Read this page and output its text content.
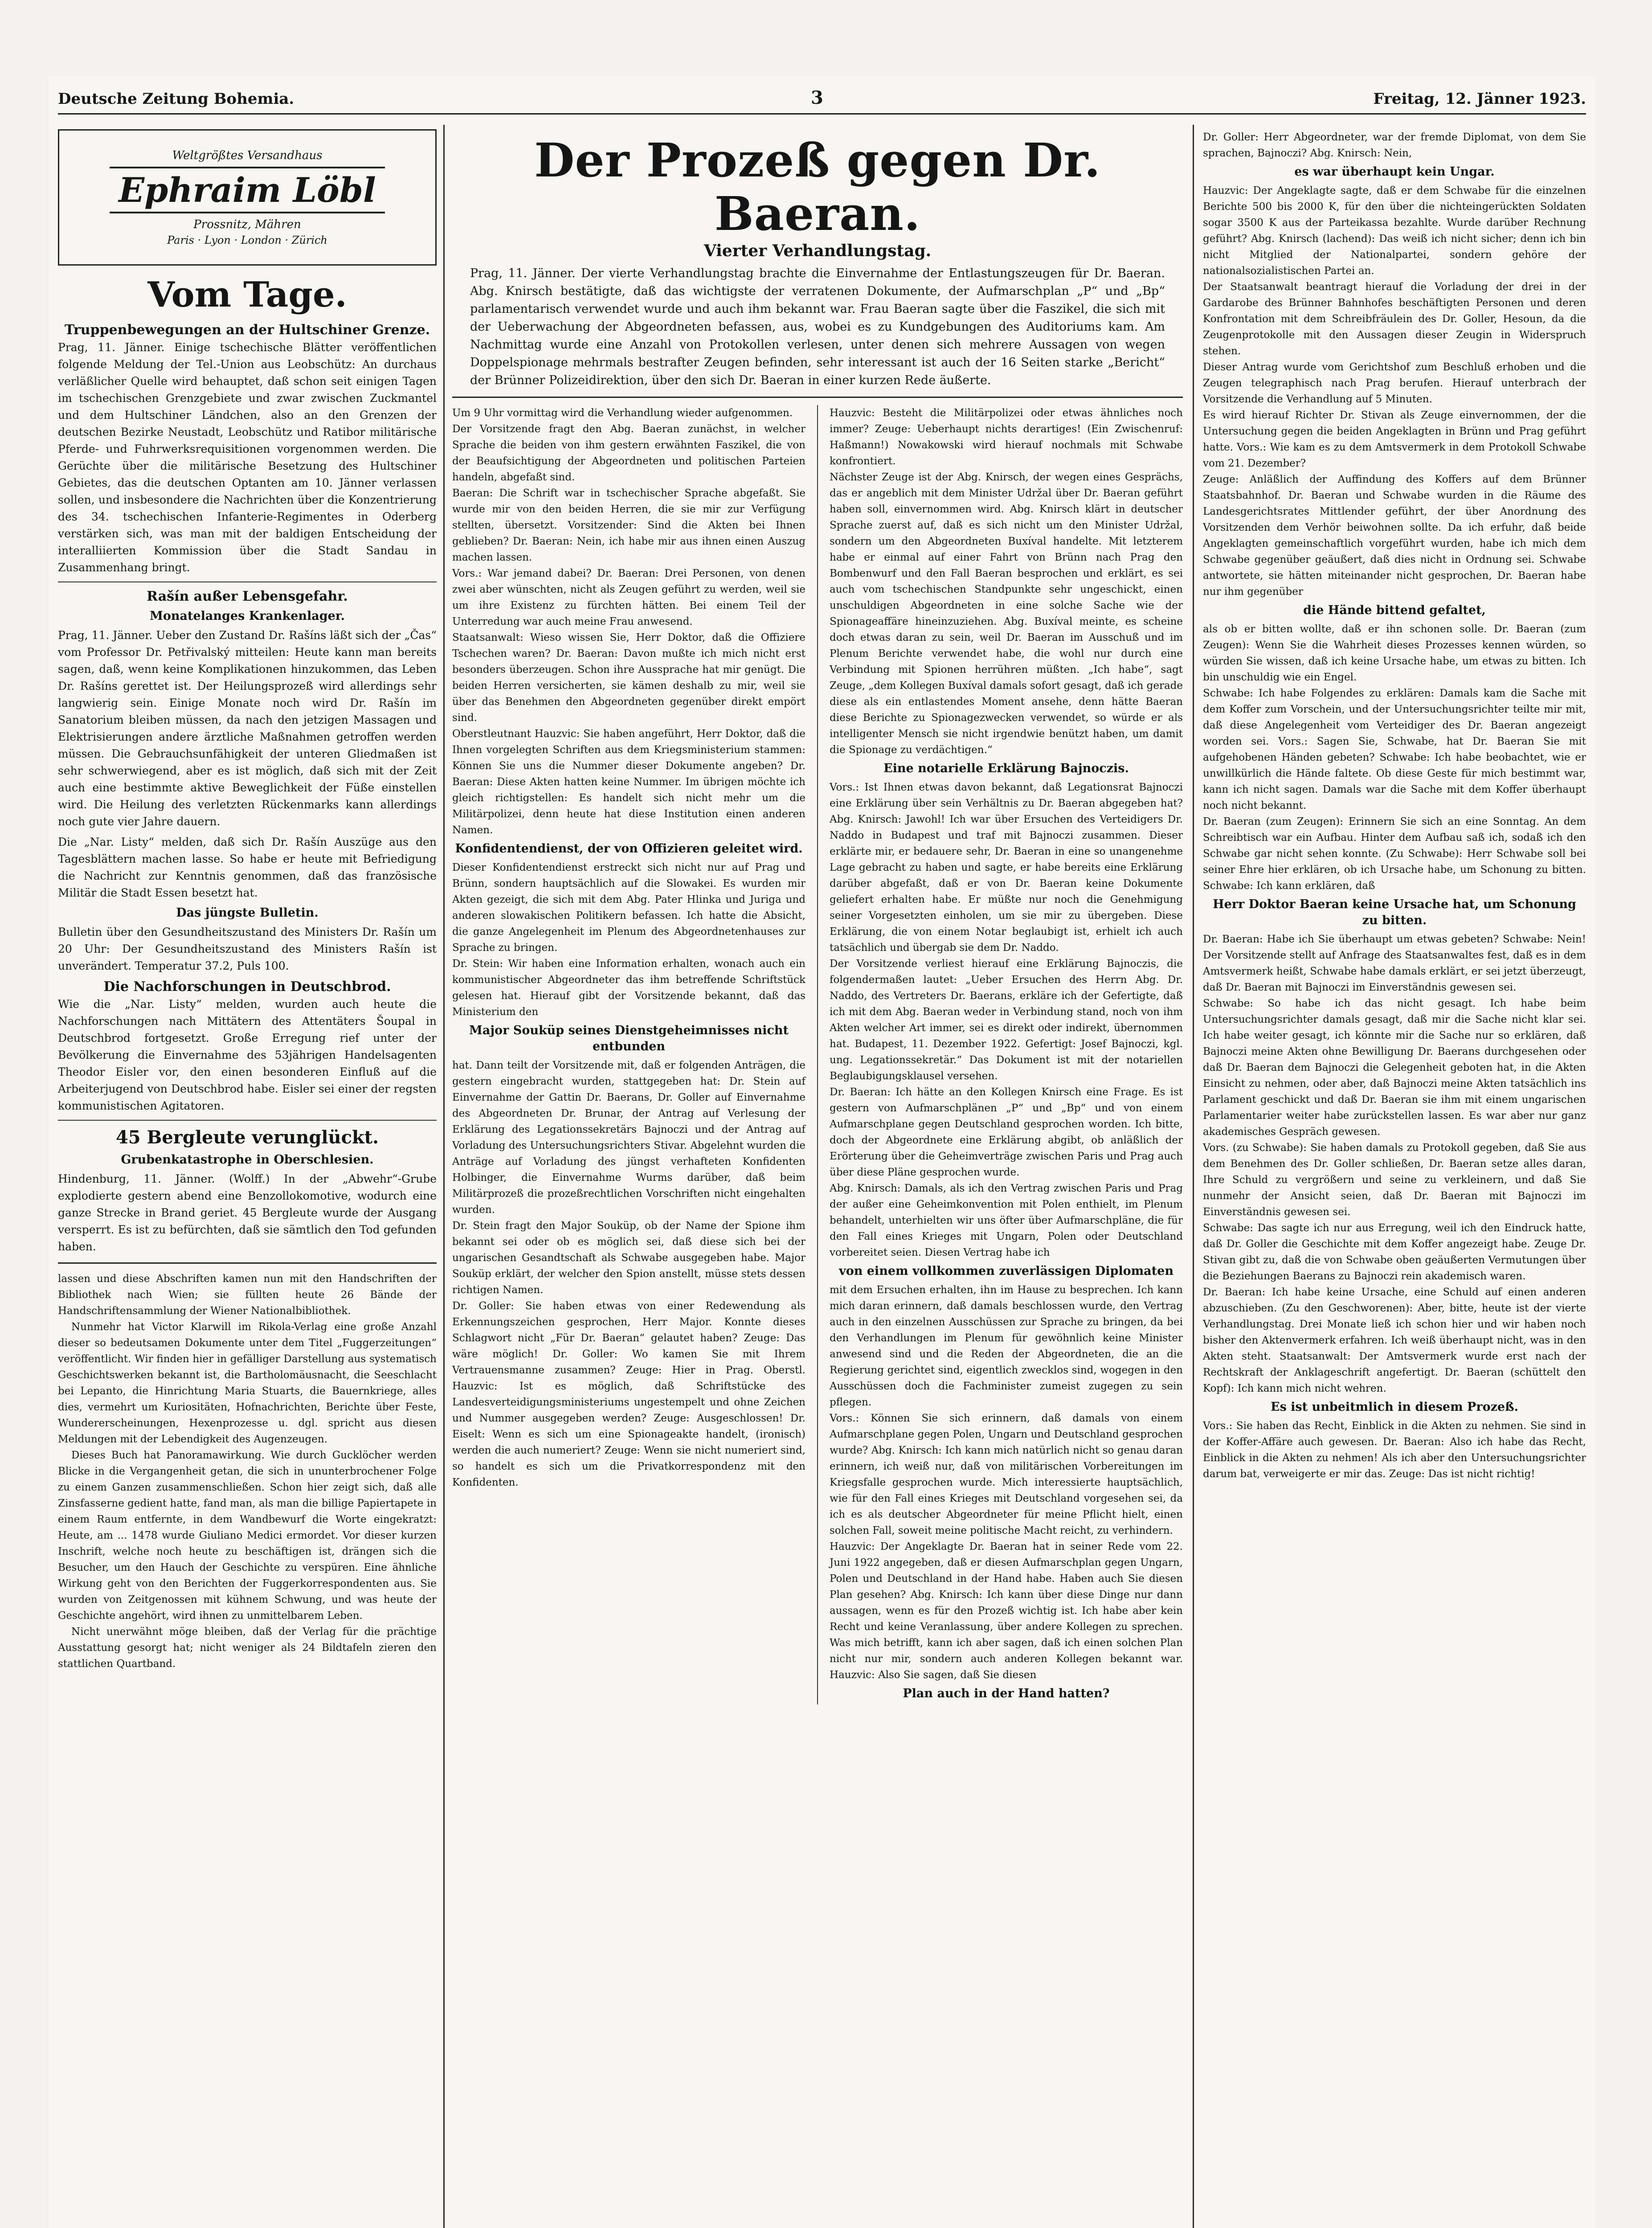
Deutsche Zeitung Bohemia.	3	Freitag, 12. Jänner 1923.
Weltgrößtes Versandhaus
Ephraim Löbl
Prossnitz, Mähren
Paris · Lyon · London · Zürich
Vom Tage.
Truppenbewegungen an der Hultschiner Grenze.

Prag, 11. Jänner. Einige tschechische Blätter veröffentlichen folgende Meldung der Tel.-Union aus Leobschütz: An durchaus verläßlicher Quelle wird behauptet, daß schon seit einigen Tagen im tschechischen Grenzgebiete und zwar zwischen Zuckmantel und dem Hultschiner Ländchen, also an den Grenzen der deutschen Bezirke Neustadt, Leobschütz und Ratibor militärische Pferde- und Fuhrwerksrequisitionen vorgenommen werden. Die Gerüchte über die militärische Besetzung des Hultschiner Gebietes, das die deutschen Optanten am 10. Jänner verlassen sollen, und insbesondere die Nachrichten über die Konzentrierung des 34. tschechischen Infanterie-Regimentes in Oderberg verstärken sich, was man mit der baldigen Entscheidung der interalliierten Kommission über die Stadt Sandau in Zusammenhang bringt.

Rašín außer Lebensgefahr.
Monatelanges Krankenlager.

Prag, 11. Jänner. Ueber den Zustand Dr. Rašíns läßt sich der „Čas“ vom Professor Dr. Petřivalský mitteilen: Heute kann man bereits sagen, daß, wenn keine Komplikationen hinzukommen, das Leben Dr. Rašíns gerettet ist. Der Heilungsprozeß wird allerdings sehr langwierig sein. Einige Monate noch wird Dr. Rašín im Sanatorium bleiben müssen, da nach den jetzigen Massagen und Elektrisierungen andere ärztliche Maßnahmen getroffen werden müssen. Die Gebrauchsunfähigkeit der unteren Gliedmaßen ist sehr schwerwiegend, aber es ist möglich, daß sich mit der Zeit auch eine bestimmte aktive Beweglichkeit der Füße einstellen wird. Die Heilung des verletzten Rückenmarks kann allerdings noch gute vier Jahre dauern.

Die „Nar. Listy“ melden, daß sich Dr. Rašín Auszüge aus den Tagesblättern machen lasse. So habe er heute mit Befriedigung die Nachricht zur Kenntnis genommen, daß das französische Militär die Stadt Essen besetzt hat.

Das jüngste Bulletin.

Bulletin über den Gesundheitszustand des Ministers Dr. Rašín um 20 Uhr: Der Gesundheitszustand des Ministers Rašín ist unverändert. Temperatur 37.2, Puls 100.

Die Nachforschungen in Deutschbrod.

Wie die „Nar. Listy“ melden, wurden auch heute die Nachforschungen nach Mittätern des Attentäters Šoupal in Deutschbrod fortgesetzt. Große Erregung rief unter der Bevölkerung die Einvernahme des 53jährigen Handelsagenten Theodor Eisler vor, den einen besonderen Einfluß auf die Arbeiterjugend von Deutschbrod habe. Eisler sei einer der regsten kommunistischen Agitatoren.

45 Bergleute verunglückt.
Grubenkatastrophe in Oberschlesien.

Hindenburg, 11. Jänner. (Wolff.) In der „Abwehr“-Grube explodierte gestern abend eine Benzollokomotive, wodurch eine ganze Strecke in Brand geriet. 45 Bergleute wurde der Ausgang versperrt. Es ist zu befürchten, daß sie sämtlich den Tod gefunden haben.

lassen und diese Abschriften kamen nun mit den Handschriften der Bibliothek nach Wien; sie füllten heute 26 Bände der Handschriftensammlung der Wiener Nationalbibliothek.

Nunmehr hat Victor Klarwill im Rikola-Verlag eine große Anzahl dieser so bedeutsamen Dokumente unter dem Titel „Fuggerzeitungen“ veröffentlicht. Wir finden hier in gefälliger Darstellung aus systematisch Geschichtswerken bekannt ist, die Bartholomäusnacht, die Seeschlacht bei Lepanto, die Hinrichtung Maria Stuarts, die Bauernkriege, alles dies, vermehrt um Kuriositäten, Hofnachrichten, Berichte über Feste, Wundererscheinungen, Hexenprozesse u. dgl. spricht aus diesen Meldungen mit der Lebendigkeit des Augenzeugen.

Dieses Buch hat Panoramawirkung. Wie durch Gucklöcher werden Blicke in die Vergangenheit getan, die sich in ununterbrochener Folge zu einem Ganzen zusammenschließen. Schon hier zeigt sich, daß alle Zinsfasserne gedient hatte, fand man, als man die billige Papiertapete in einem Raum entfernte, in dem Wandbewurf die Worte eingekratzt: Heute, am ... 1478 wurde Giuliano Medici ermordet. Vor dieser kurzen Inschrift, welche noch heute zu beschäftigen ist, drängen sich die Besucher, um den Hauch der Geschichte zu verspüren. Eine ähnliche Wirkung geht von den Berichten der Fuggerkorrespondenten aus. Sie wurden von Zeitgenossen mit kühnem Schwung, und was heute der Geschichte angehört, wird ihnen zu unmittelbarem Leben.

Nicht unerwähnt möge bleiben, daß der Verlag für die prächtige Ausstattung gesorgt hat; nicht weniger als 24 Bildtafeln zieren den stattlichen Quartband.

Der Prozeß gegen Dr. Baeran.
Vierter Verhandlungstag.

Prag, 11. Jänner. Der vierte Verhandlungstag brachte die Einvernahme der Entlastungszeugen für Dr. Baeran. Abg. Knirsch bestätigte, daß das wichtigste der verratenen Dokumente, der Aufmarschplan „P“ und „Bp“ parlamentarisch verwendet wurde und auch ihm bekannt war. Frau Baeran sagte über die Faszikel, die sich mit der Ueberwachung der Abgeordneten befassen, aus, wobei es zu Kundgebungen des Auditoriums kam. Am Nachmittag wurde eine Anzahl von Protokollen verlesen, unter denen sich mehrere Aussagen von wegen Doppelspionage mehrmals bestrafter Zeugen befinden, sehr interessant ist auch der 16 Seiten starke „Bericht“ der Brünner Polizeidirektion, über den sich Dr. Baeran in einer kurzen Rede äußerte.

Um 9 Uhr vormittag wird die Verhandlung wieder aufgenommen.

Der Vorsitzende fragt den Abg. Baeran zunächst, in welcher Sprache die beiden von ihm gestern erwähnten Faszikel, die von der Beaufsichtigung der Abgeordneten und politischen Parteien handeln, abgefaßt sind.

Baeran: Die Schrift war in tschechischer Sprache abgefaßt. Sie wurde mir von den beiden Herren, die sie mir zur Verfügung stellten, übersetzt. Vorsitzender: Sind die Akten bei Ihnen geblieben? Dr. Baeran: Nein, ich habe mir aus ihnen einen Auszug machen lassen.

Vors.: War jemand dabei? Dr. Baeran: Drei Personen, von denen zwei aber wünschten, nicht als Zeugen geführt zu werden, weil sie um ihre Existenz zu fürchten hätten. Bei einem Teil der Unterredung war auch meine Frau anwesend.

Staatsanwalt: Wieso wissen Sie, Herr Doktor, daß die Offiziere Tschechen waren? Dr. Baeran: Davon mußte ich mich nicht erst besonders überzeugen. Schon ihre Aussprache hat mir genügt. Die beiden Herren versicherten, sie kämen deshalb zu mir, weil sie über das Benehmen den Abgeordneten gegenüber direkt empört sind.

Oberstleutnant Hauzvic: Sie haben angeführt, Herr Doktor, daß die Ihnen vorgelegten Schriften aus dem Kriegsministerium stammen: Können Sie uns die Nummer dieser Dokumente angeben? Dr. Baeran: Diese Akten hatten keine Nummer. Im übrigen möchte ich gleich richtigstellen: Es handelt sich nicht mehr um die Militärpolizei, denn heute hat diese Institution einen anderen Namen.

Konfidentendienst, der von Offizieren geleitet wird.

Dieser Konfidentendienst erstreckt sich nicht nur auf Prag und Brünn, sondern hauptsächlich auf die Slowakei. Es wurden mir Akten gezeigt, die sich mit dem Abg. Pater Hlinka und Juriga und anderen slowakischen Politikern befassen. Ich hatte die Absicht, die ganze Angelegenheit im Plenum des Abgeordnetenhauses zur Sprache zu bringen.

Dr. Stein: Wir haben eine Information erhalten, wonach auch ein kommunistischer Abgeordneter das ihm betreffende Schriftstück gelesen hat. Hierauf gibt der Vorsitzende bekannt, daß das Ministerium den

Major Souküp seines Dienstgeheimnisses nicht entbunden

hat. Dann teilt der Vorsitzende mit, daß er folgenden Anträgen, die gestern eingebracht wurden, stattgegeben hat: Dr. Stein auf Einvernahme der Gattin Dr. Baerans, Dr. Goller auf Einvernahme des Abgeordneten Dr. Brunar, der Antrag auf Verlesung der Erklärung des Legationssekretärs Bajnoczi und der Antrag auf Vorladung des Untersuchungsrichters Stivar. Abgelehnt wurden die Anträge auf Vorladung des jüngst verhafteten Konfidenten Holbinger, die Einvernahme Wurms darüber, daß beim Militärprozeß die prozeßrechtlichen Vorschriften nicht eingehalten wurden.

Dr. Stein fragt den Major Souküp, ob der Name der Spione ihm bekannt sei oder ob es möglich sei, daß diese sich bei der ungarischen Gesandtschaft als Schwabe ausgegeben habe. Major Souküp erklärt, der welcher den Spion anstellt, müsse stets dessen richtigen Namen.

Dr. Goller: Sie haben etwas von einer Redewendung als Erkennungszeichen gesprochen, Herr Major. Konnte dieses Schlagwort nicht „Für Dr. Baeran“ gelautet haben? Zeuge: Das wäre möglich! Dr. Goller: Wo kamen Sie mit Ihrem Vertrauensmanne zusammen? Zeuge: Hier in Prag. Oberstl. Hauzvic: Ist es möglich, daß Schriftstücke des Landesverteidigungsministeriums ungestempelt und ohne Zeichen und Nummer ausgegeben werden? Zeuge: Ausgeschlossen! Dr. Eiselt: Wenn es sich um eine Spionageakte handelt, (ironisch) werden die auch numeriert? Zeuge: Wenn sie nicht numeriert sind, so handelt es sich um die Privatkorrespondenz mit den Konfidenten.

Hauzvic: Besteht die Militärpolizei oder etwas ähnliches noch immer? Zeuge: Ueberhaupt nichts derartiges! (Ein Zwischenruf: Haßmann!) Nowakowski wird hierauf nochmals mit Schwabe konfrontiert.

Nächster Zeuge ist der Abg. Knirsch, der wegen eines Gesprächs, das er angeblich mit dem Minister Udržal über Dr. Baeran geführt haben soll, einvernommen wird. Abg. Knirsch klärt in deutscher Sprache zuerst auf, daß es sich nicht um den Minister Udržal, sondern um den Abgeordneten Buxíval handelte. Mit letzterem habe er einmal auf einer Fahrt von Brünn nach Prag den Bombenwurf und den Fall Baeran besprochen und erklärt, es sei auch vom tschechischen Standpunkte sehr ungeschickt, einen unschuldigen Abgeordneten in eine solche Sache wie der Spionageaffäre hineinzuziehen. Abg. Buxíval meinte, es scheine doch etwas daran zu sein, weil Dr. Baeran im Ausschuß und im Plenum Berichte verwendet habe, die wohl nur durch eine Verbindung mit Spionen herrühren müßten. „Ich habe“, sagt Zeuge, „dem Kollegen Buxíval damals sofort gesagt, daß ich gerade diese als ein entlastendes Moment ansehe, denn hätte Baeran diese Berichte zu Spionagezwecken verwendet, so würde er als intelligenter Mensch sie nicht irgendwie benützt haben, um damit die Spionage zu verdächtigen.“

Eine notarielle Erklärung Bajnoczis.

Vors.: Ist Ihnen etwas davon bekannt, daß Legationsrat Bajnoczi eine Erklärung über sein Verhältnis zu Dr. Baeran abgegeben hat? Abg. Knirsch: Jawohl! Ich war über Ersuchen des Verteidigers Dr. Naddo in Budapest und traf mit Bajnoczi zusammen. Dieser erklärte mir, er bedauere sehr, Dr. Baeran in eine so unangenehme Lage gebracht zu haben und sagte, er habe bereits eine Erklärung darüber abgefaßt, daß er von Dr. Baeran keine Dokumente geliefert erhalten habe. Er müßte nur noch die Genehmigung seiner Vorgesetzten einholen, um sie mir zu übergeben. Diese Erklärung, die von einem Notar beglaubigt ist, erhielt ich auch tatsächlich und übergab sie dem Dr. Naddo.

Der Vorsitzende verliest hierauf eine Erklärung Bajnoczis, die folgendermaßen lautet: „Ueber Ersuchen des Herrn Abg. Dr. Naddo, des Vertreters Dr. Baerans, erkläre ich der Gefertigte, daß ich mit dem Abg. Baeran weder in Verbindung stand, noch von ihm Akten welcher Art immer, sei es direkt oder indirekt, übernommen hat. Budapest, 11. Dezember 1922. Gefertigt: Josef Bajnoczi, kgl. ung. Legationssekretär.“ Das Dokument ist mit der notariellen Beglaubigungsklausel versehen.

Dr. Baeran: Ich hätte an den Kollegen Knirsch eine Frage. Es ist gestern von Aufmarschplänen „P“ und „Bp“ und von einem Aufmarschplane gegen Deutschland gesprochen worden. Ich bitte, doch der Abgeordnete eine Erklärung abgibt, ob anläßlich der Erörterung über die Geheimverträge zwischen Paris und Prag auch über diese Pläne gesprochen wurde.

Abg. Knirsch: Damals, als ich den Vertrag zwischen Paris und Prag der außer eine Geheimkonvention mit Polen enthielt, im Plenum behandelt, unterhielten wir uns öfter über Aufmarschpläne, die für den Fall eines Krieges mit Ungarn, Polen oder Deutschland vorbereitet seien. Diesen Vertrag habe ich

von einem vollkommen zuverlässigen Diplomaten

mit dem Ersuchen erhalten, ihn im Hause zu besprechen. Ich kann mich daran erinnern, daß damals beschlossen wurde, den Vertrag auch in den einzelnen Ausschüssen zur Sprache zu bringen, da bei den Verhandlungen im Plenum für gewöhnlich keine Minister anwesend sind und die Reden der Abgeordneten, die an die Regierung gerichtet sind, eigentlich zwecklos sind, wogegen in den Ausschüssen doch die Fachminister zumeist zugegen zu sein pflegen.

Vors.: Können Sie sich erinnern, daß damals von einem Aufmarschplane gegen Polen, Ungarn und Deutschland gesprochen wurde? Abg. Knirsch: Ich kann mich natürlich nicht so genau daran erinnern, ich weiß nur, daß von militärischen Vorbereitungen im Kriegsfalle gesprochen wurde. Mich interessierte hauptsächlich, wie für den Fall eines Krieges mit Deutschland vorgesehen sei, da ich es als deutscher Abgeordneter für meine Pflicht hielt, einen solchen Fall, soweit meine politische Macht reicht, zu verhindern.

Hauzvic: Der Angeklagte Dr. Baeran hat in seiner Rede vom 22. Juni 1922 angegeben, daß er diesen Aufmarschplan gegen Ungarn, Polen und Deutschland in der Hand habe. Haben auch Sie diesen Plan gesehen? Abg. Knirsch: Ich kann über diese Dinge nur dann aussagen, wenn es für den Prozeß wichtig ist. Ich habe aber kein Recht und keine Veranlassung, über andere Kollegen zu sprechen. Was mich betrifft, kann ich aber sagen, daß ich einen solchen Plan nicht nur mir, sondern auch anderen Kollegen bekannt war. Hauzvic: Also Sie sagen, daß Sie diesen

Plan auch in der Hand hatten?

Dr. Goller: Herr Abgeordneter, war der fremde Diplomat, von dem Sie sprachen, Bajnoczi? Abg. Knirsch: Nein,

es war überhaupt kein Ungar.

Hauzvic: Der Angeklagte sagte, daß er dem Schwabe für die einzelnen Berichte 500 bis 2000 K, für den über die nichteingerückten Soldaten sogar 3500 K aus der Parteikassa bezahlte. Wurde darüber Rechnung geführt? Abg. Knirsch (lachend): Das weiß ich nicht sicher; denn ich bin nicht Mitglied der Nationalpartei, sondern gehöre der nationalsozialistischen Partei an.

Der Staatsanwalt beantragt hierauf die Vorladung der drei in der Gardarobe des Brünner Bahnhofes beschäftigten Personen und deren Konfrontation mit dem Schreibfräulein des Dr. Goller, Hesoun, da die Zeugenprotokolle mit den Aussagen dieser Zeugin in Widerspruch stehen.

Dieser Antrag wurde vom Gerichtshof zum Beschluß erhoben und die Zeugen telegraphisch nach Prag berufen. Hierauf unterbrach der Vorsitzende die Verhandlung auf 5 Minuten.

Es wird hierauf Richter Dr. Stivan als Zeuge einvernommen, der die Untersuchung gegen die beiden Angeklagten in Brünn und Prag geführt hatte. Vors.: Wie kam es zu dem Amtsvermerk in dem Protokoll Schwabe vom 21. Dezember?

Zeuge: Anläßlich der Auffindung des Koffers auf dem Brünner Staatsbahnhof. Dr. Baeran und Schwabe wurden in die Räume des Landesgerichtsrates Mittlender geführt, der über Anordnung des Vorsitzenden dem Verhör beiwohnen sollte. Da ich erfuhr, daß beide Angeklagten gemeinschaftlich vorgeführt wurden, habe ich mich dem Schwabe gegenüber geäußert, daß dies nicht in Ordnung sei. Schwabe antwortete, sie hätten miteinander nicht gesprochen, Dr. Baeran habe nur ihm gegenüber

die Hände bittend gefaltet,

als ob er bitten wollte, daß er ihn schonen solle. Dr. Baeran (zum Zeugen): Wenn Sie die Wahrheit dieses Prozesses kennen würden, so würden Sie wissen, daß ich keine Ursache habe, um etwas zu bitten. Ich bin unschuldig wie ein Engel.

Schwabe: Ich habe Folgendes zu erklären: Damals kam die Sache mit dem Koffer zum Vorschein, und der Untersuchungsrichter teilte mir mit, daß diese Angelegenheit vom Verteidiger des Dr. Baeran angezeigt worden sei. Vors.: Sagen Sie, Schwabe, hat Dr. Baeran Sie mit aufgehobenen Händen gebeten? Schwabe: Ich habe beobachtet, wie er unwillkürlich die Hände faltete. Ob diese Geste für mich bestimmt war, kann ich nicht sagen. Damals war die Sache mit dem Koffer überhaupt noch nicht bekannt.

Dr. Baeran (zum Zeugen): Erinnern Sie sich an eine Sonntag. An dem Schreibtisch war ein Aufbau. Hinter dem Aufbau saß ich, sodaß ich den Schwabe gar nicht sehen konnte. (Zu Schwabe): Herr Schwabe soll bei seiner Ehre hier erklären, ob ich Ursache habe, um Schonung zu bitten. Schwabe: Ich kann erklären, daß

Herr Doktor Baeran keine Ursache hat, um Schonung zu bitten.

Dr. Baeran: Habe ich Sie überhaupt um etwas gebeten? Schwabe: Nein! Der Vorsitzende stellt auf Anfrage des Staatsanwaltes fest, daß es in dem Amtsvermerk heißt, Schwabe habe damals erklärt, er sei jetzt überzeugt, daß Dr. Baeran mit Bajnoczi im Einverständnis gewesen sei.

Schwabe: So habe ich das nicht gesagt. Ich habe beim Untersuchungsrichter damals gesagt, daß mir die Sache nicht klar sei. Ich habe weiter gesagt, ich könnte mir die Sache nur so erklären, daß Bajnoczi meine Akten ohne Bewilligung Dr. Baerans durchgesehen oder daß Dr. Baeran dem Bajnoczi die Gelegenheit geboten hat, in die Akten Einsicht zu nehmen, oder aber, daß Bajnoczi meine Akten tatsächlich ins Parlament geschickt und daß Dr. Baeran sie ihm mit einem ungarischen Parlamentarier weiter habe zurückstellen lassen. Es war aber nur ganz akademisches Gespräch gewesen.

Vors. (zu Schwabe): Sie haben damals zu Protokoll gegeben, daß Sie aus dem Benehmen des Dr. Goller schließen, Dr. Baeran setze alles daran, Ihre Schuld zu vergrößern und seine zu verkleinern, und daß Sie nunmehr der Ansicht seien, daß Dr. Baeran mit Bajnoczi im Einverständnis gewesen sei.

Schwabe: Das sagte ich nur aus Erregung, weil ich den Eindruck hatte, daß Dr. Goller die Geschichte mit dem Koffer angezeigt habe. Zeuge Dr. Stivan gibt zu, daß die von Schwabe oben geäußerten Vermutungen über die Beziehungen Baerans zu Bajnoczi rein akademisch waren.

Dr. Baeran: Ich habe keine Ursache, eine Schuld auf einen anderen abzuschieben. (Zu den Geschworenen): Aber, bitte, heute ist der vierte Verhandlungstag. Drei Monate ließ ich schon hier und wir haben noch bisher den Aktenvermerk erfahren. Ich weiß überhaupt nicht, was in den Akten steht. Staatsanwalt: Der Amtsvermerk wurde erst nach der Rechtskraft der Anklageschrift angefertigt. Dr. Baeran (schüttelt den Kopf): Ich kann mich nicht wehren.

Es ist unbeitmlich in diesem Prozeß.

Vors.: Sie haben das Recht, Einblick in die Akten zu nehmen. Sie sind in der Koffer-Affäre auch gewesen. Dr. Baeran: Also ich habe das Recht, Einblick in die Akten zu nehmen! Als ich aber den Untersuchungsrichter darum bat, verweigerte er mir das. Zeuge: Das ist nicht richtig!
